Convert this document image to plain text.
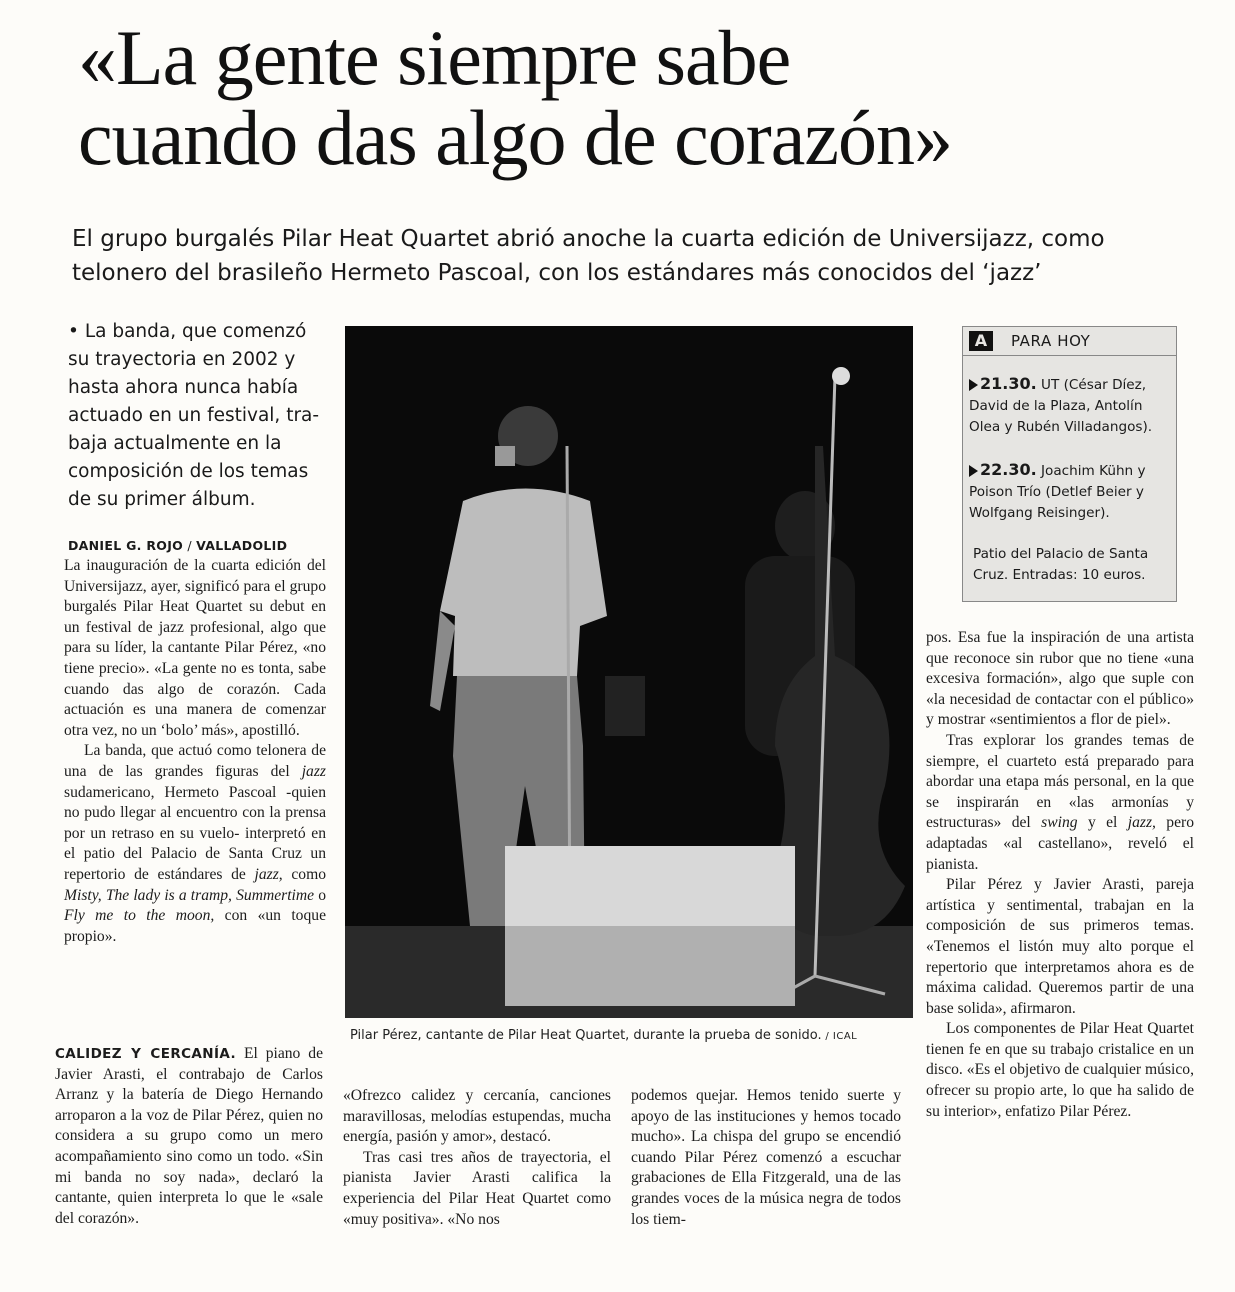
«La gente siempre sabe
cuando das algo de corazón»
El grupo burgalés Pilar Heat Quartet abrió anoche la cuarta edición de Universijazz, como
telonero del brasileño Hermeto Pascoal, con los estándares más conocidos del ‘jazz’
• La banda, que comenzó
su trayectoria en 2002 y
hasta ahora nunca había
actuado en un festival, tra-
baja actualmente en la
composición de los temas
de su primer álbum.
DANIEL G. ROJO / VALLADOLID

La inauguración de la cuarta edición del Universijazz, ayer, significó para el grupo burgalés Pilar Heat Quartet su debut en un festival de jazz profesional, algo que para su líder, la cantante Pilar Pérez, «no tiene precio». «La gente no es tonta, sabe cuando das algo de corazón. Cada actuación es una manera de comenzar otra vez, no un ‘bolo’ más», apostilló.

La banda, que actuó como telonera de una de las grandes figuras del jazz sudamericano, Hermeto Pascoal -quien no pudo llegar al encuentro con la prensa por un retraso en su vuelo- interpretó en el patio del Palacio de Santa Cruz un repertorio de estándares de jazz, como Misty, The lady is a tramp, Summertime o Fly me to the moon, con «un toque propio».

CALIDEZ Y CERCANÍA. El piano de Javier Arasti, el contrabajo de Carlos Arranz y la batería de Diego Hernando arroparon a la voz de Pilar Pérez, quien no considera a su grupo como un mero acompañamiento sino como un todo. «Sin mi banda no soy nada», declaró la cantante, quien interpreta lo que le «sale del corazón».

«Ofrezco calidez y cercanía, canciones maravillosas, melodías estupendas, mucha energía, pasión y amor», destacó.

Tras casi tres años de trayectoria, el pianista Javier Arasti califica la experiencia del Pilar Heat Quartet como «muy positiva». «No nos

podemos quejar. Hemos tenido suerte y apoyo de las instituciones y hemos tocado mucho». La chispa del grupo se encendió cuando Pilar Pérez comenzó a escuchar grabaciones de Ella Fitzgerald, una de las grandes voces de la música negra de todos los tiem-

pos. Esa fue la inspiración de una artista que reconoce sin rubor que no tiene «una excesiva formación», algo que suple con «la necesidad de contactar con el público» y mostrar «sentimientos a flor de piel».

Tras explorar los grandes temas de siempre, el cuarteto está preparado para abordar una etapa más personal, en la que se inspirarán en «las armonías y estructuras» del swing y el jazz, pero adaptadas «al castellano», reveló el pianista.

Pilar Pérez y Javier Arasti, pareja artística y sentimental, trabajan en la composición de sus primeros temas. «Tenemos el listón muy alto porque el repertorio que interpretamos ahora es de máxima calidad. Queremos partir de una base solida», afirmaron.

Los componentes de Pilar Heat Quartet tienen fe en que su trabajo cristalice en un disco. «Es el objetivo de cualquier músico, ofrecer su propio arte, lo que ha salido de su interior», enfatizo Pilar Pérez.

Pilar Pérez, cantante de Pilar Heat Quartet, durante la prueba de sonido. / ICAL
A	PARA HOY
21.30. UT (César Díez, David de la Plaza, Antolín Olea y Rubén Villadangos).
22.30. Joachim Kühn y Poison Trío (Detlef Beier y Wolfgang Reisinger).
Patio del Palacio de Santa Cruz. Entradas: 10 euros.
